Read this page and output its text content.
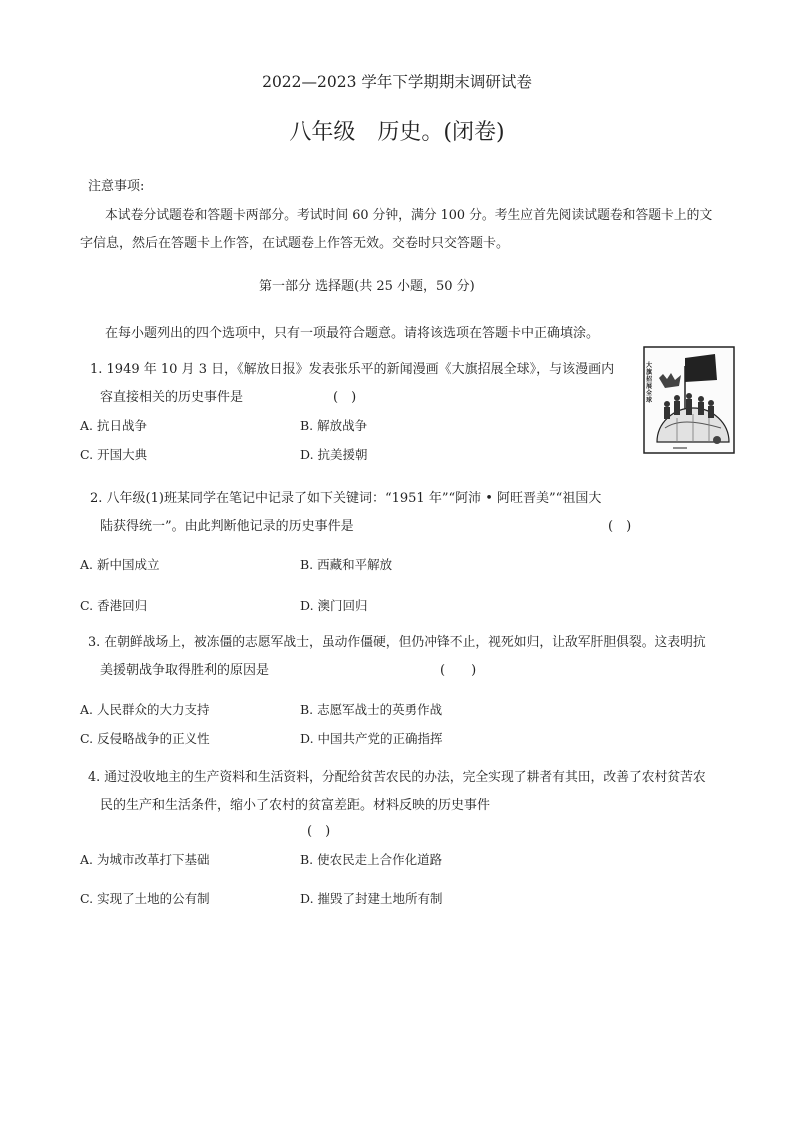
2022—2023 学年下学期期末调研试卷
八年级　历史。(闭卷)
注意事项:
本试卷分试题卷和答题卡两部分。考试时间 60 分钟，满分 100 分。考生应首先阅读试题卷和答题卡上的文
字信息，然后在答题卡上作答，在试题卷上作答无效。交卷时只交答题卡。
第一部分 选择题(共 25 小题，50 分)
在每小题列出的四个选项中，只有一项最符合题意。请将该选项在答题卡中正确填涂。
1. 1949 年 10 月 3 日，《解放日报》发表张乐平的新闻漫画《大旗招展全球》，与该漫画内
容直接相关的历史事件是	(　)
A. 抗日战争	B. 解放战争
C. 开国大典	D. 抗美援朝
大旗招展全球
2. 八年级(1)班某同学在笔记中记录了如下关键词：“1951 年”“阿沛 • 阿旺晋美”“祖国大
陆获得统一”。由此判断他记录的历史事件是	(　)
A. 新中国成立	B. 西藏和平解放
C. 香港回归	D. 澳门回归
3. 在朝鲜战场上，被冻僵的志愿军战士，虽动作僵硬，但仍冲锋不止，视死如归，让敌军肝胆俱裂。这表明抗
美援朝战争取得胜利的原因是	(　　)
A. 人民群众的大力支持	B. 志愿军战士的英勇作战
C. 反侵略战争的正义性	D. 中国共产党的正确指挥
4. 通过没收地主的生产资料和生活资料，分配给贫苦农民的办法，完全实现了耕者有其田，改善了农村贫苦农
民的生产和生活条件，缩小了农村的贫富差距。材料反映的历史事件
(　)
A. 为城市改革打下基础	B. 使农民走上合作化道路
C. 实现了土地的公有制	D. 摧毁了封建土地所有制
